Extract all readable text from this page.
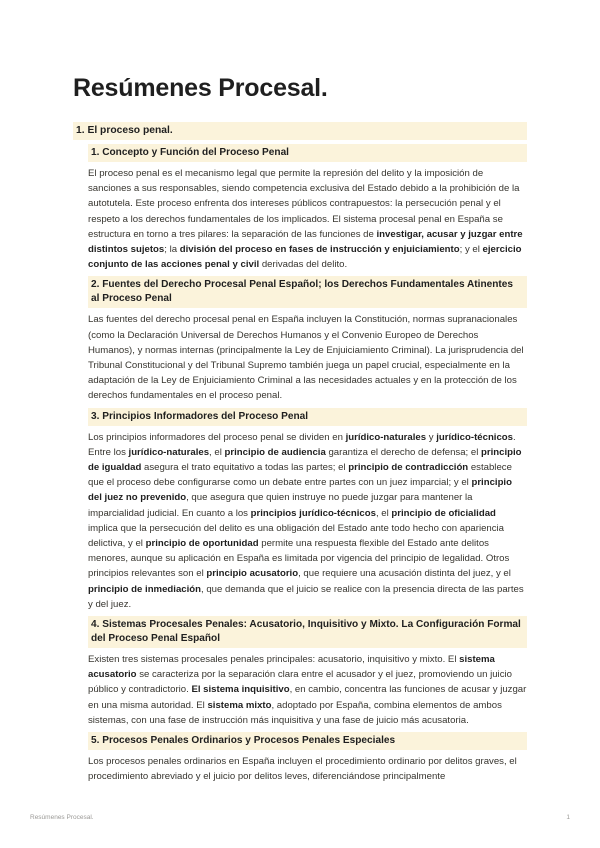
Resúmenes Procesal.
1. El proceso penal.
1. Concepto y Función del Proceso Penal

El proceso penal es el mecanismo legal que permite la represión del delito y la imposición de sanciones a sus responsables, siendo competencia exclusiva del Estado debido a la prohibición de la autotutela. Este proceso enfrenta dos intereses públicos contrapuestos: la persecución penal y el respeto a los derechos fundamentales de los implicados. El sistema procesal penal en España se estructura en torno a tres pilares: la separación de las funciones de investigar, acusar y juzgar entre distintos sujetos; la división del proceso en fases de instrucción y enjuiciamiento; y el ejercicio conjunto de las acciones penal y civil derivadas del delito.

2. Fuentes del Derecho Procesal Penal Español; los Derechos Fundamentales Atinentes al Proceso Penal

Las fuentes del derecho procesal penal en España incluyen la Constitución, normas supranacionales (como la Declaración Universal de Derechos Humanos y el Convenio Europeo de Derechos Humanos), y normas internas (principalmente la Ley de Enjuiciamiento Criminal). La jurisprudencia del Tribunal Constitucional y del Tribunal Supremo también juega un papel crucial, especialmente en la adaptación de la Ley de Enjuiciamiento Criminal a las necesidades actuales y en la protección de los derechos fundamentales en el proceso penal.

3. Principios Informadores del Proceso Penal

Los principios informadores del proceso penal se dividen en jurídico-naturales y jurídico-técnicos. Entre los jurídico-naturales, el principio de audiencia garantiza el derecho de defensa; el principio de igualdad asegura el trato equitativo a todas las partes; el principio de contradicción establece que el proceso debe configurarse como un debate entre partes con un juez imparcial; y el principio del juez no prevenido, que asegura que quien instruye no puede juzgar para mantener la imparcialidad judicial. En cuanto a los principios jurídico-técnicos, el principio de oficialidad implica que la persecución del delito es una obligación del Estado ante todo hecho con apariencia delictiva, y el principio de oportunidad permite una respuesta flexible del Estado ante delitos menores, aunque su aplicación en España es limitada por vigencia del principio de legalidad. Otros principios relevantes son el principio acusatorio, que requiere una acusación distinta del juez, y el principio de inmediación, que demanda que el juicio se realice con la presencia directa de las partes y del juez.

4. Sistemas Procesales Penales: Acusatorio, Inquisitivo y Mixto. La Configuración Formal del Proceso Penal Español

Existen tres sistemas procesales penales principales: acusatorio, inquisitivo y mixto. El sistema acusatorio se caracteriza por la separación clara entre el acusador y el juez, promoviendo un juicio público y contradictorio. El sistema inquisitivo, en cambio, concentra las funciones de acusar y juzgar en una misma autoridad. El sistema mixto, adoptado por España, combina elementos de ambos sistemas, con una fase de instrucción más inquisitiva y una fase de juicio más acusatoria.

5. Procesos Penales Ordinarios y Procesos Penales Especiales

Los procesos penales ordinarios en España incluyen el procedimiento ordinario por delitos graves, el procedimiento abreviado y el juicio por delitos leves, diferenciándose principalmente

Resúmenes Procesal.	1
